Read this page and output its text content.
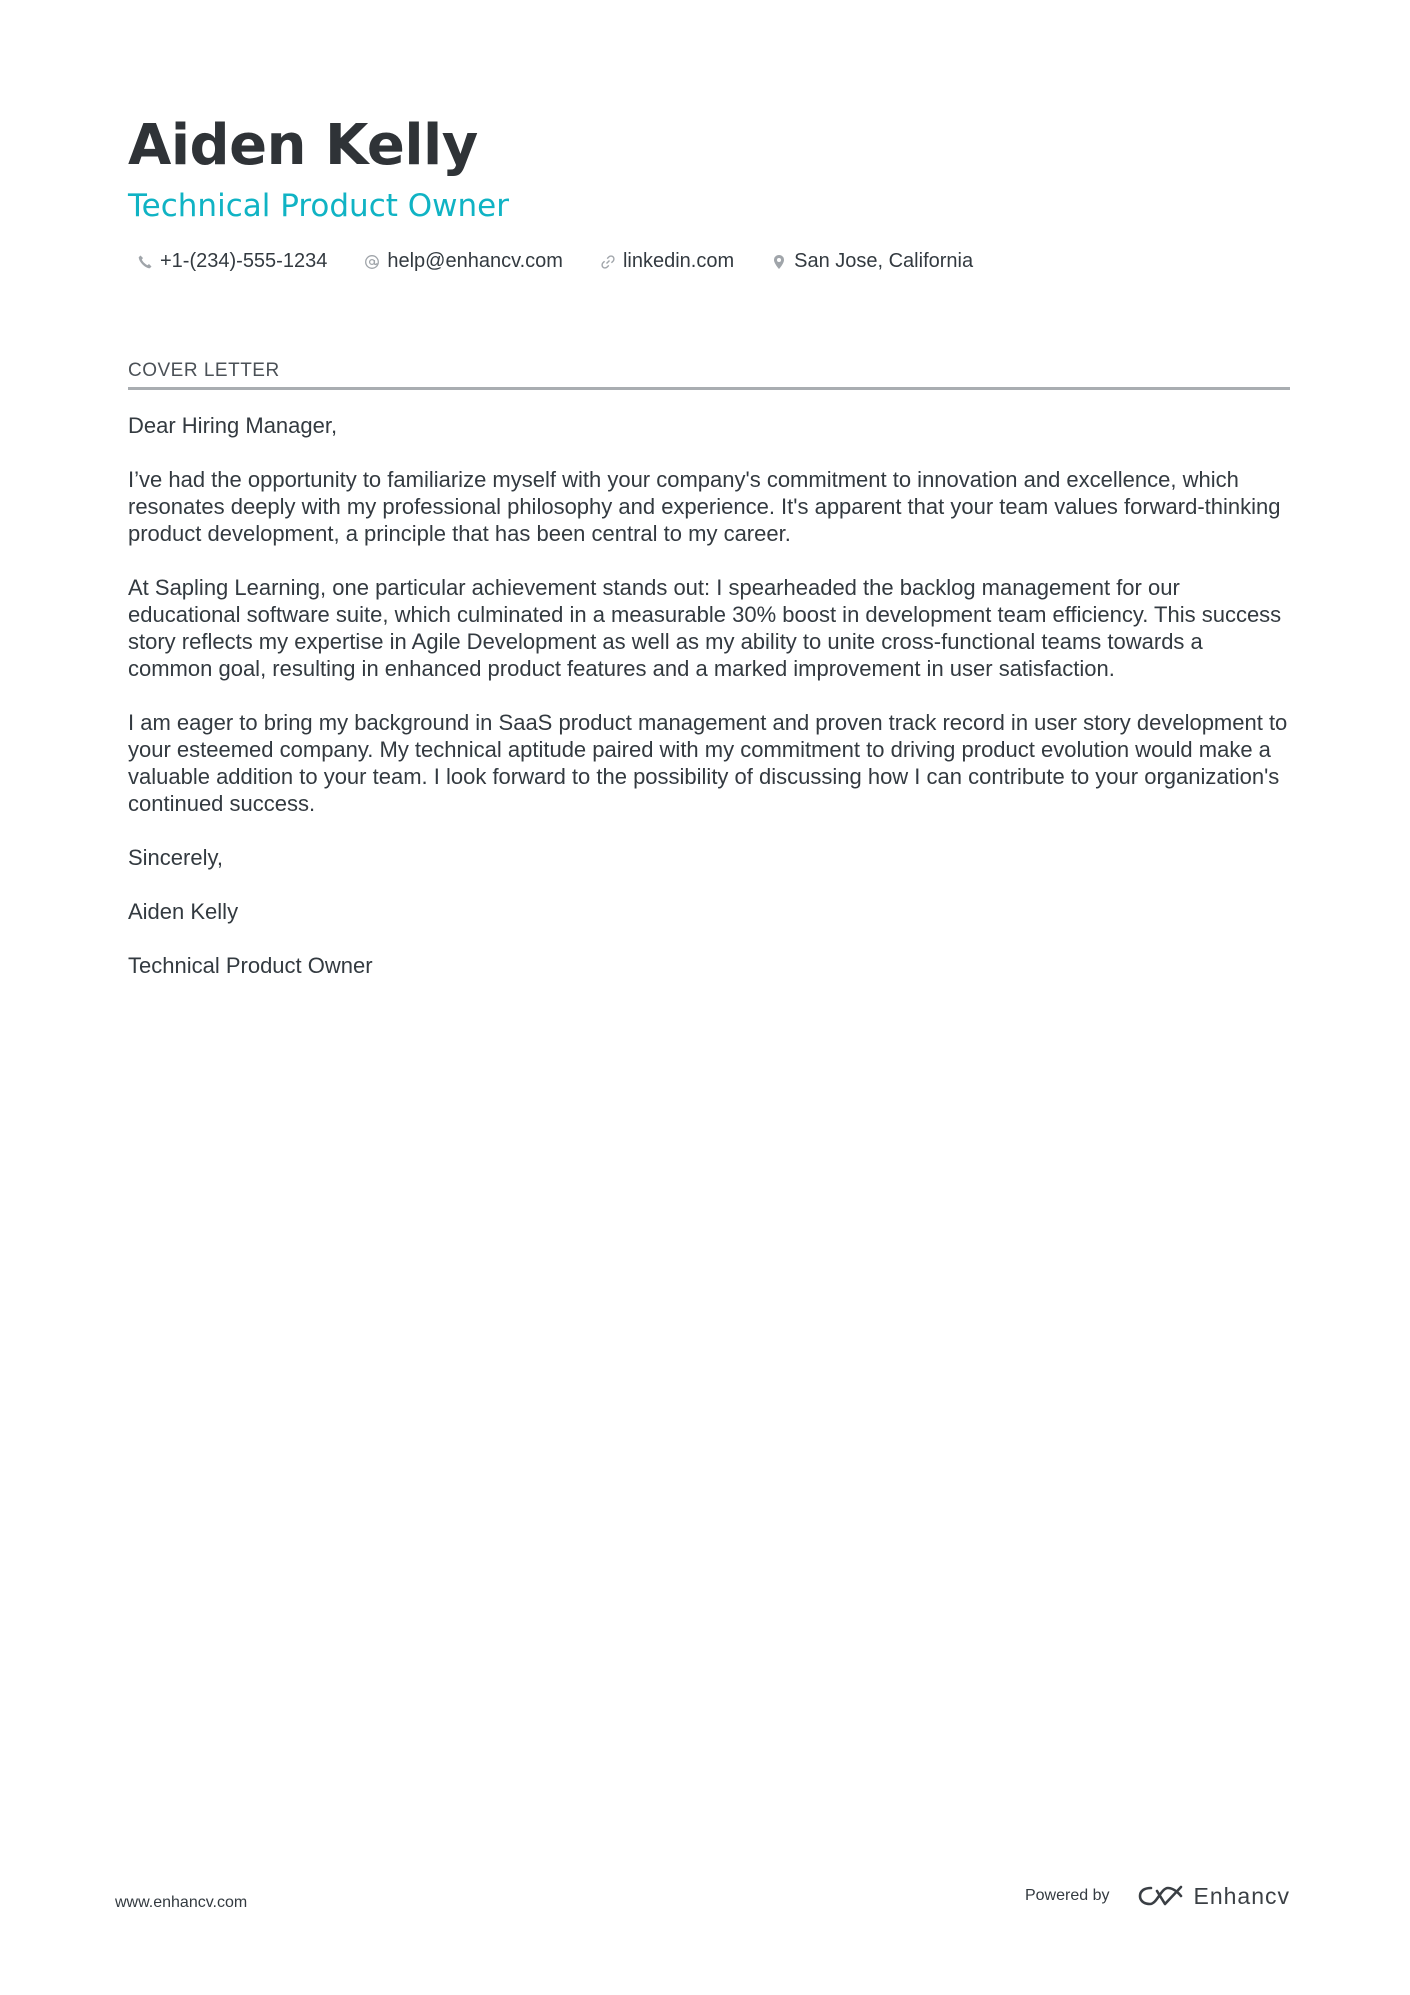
Aiden Kelly
Technical Product Owner
+1-(234)-555-1234	help@enhancv.com	linkedin.com	San Jose, California
COVER LETTER

Dear Hiring Manager,

I’ve had the opportunity to familiarize myself with your company's commitment to innovation and excellence, which resonates deeply with my professional philosophy and experience. It's apparent that your team values forward-thinking product development, a principle that has been central to my career.

At Sapling Learning, one particular achievement stands out: I spearheaded the backlog management for our educational software suite, which culminated in a measurable 30% boost in development team efficiency. This success story reflects my expertise in Agile Development as well as my ability to unite cross-functional teams towards a common goal, resulting in enhanced product features and a marked improvement in user satisfaction.

I am eager to bring my background in SaaS product management and proven track record in user story development to your esteemed company. My technical aptitude paired with my commitment to driving product evolution would make a valuable addition to your team. I look forward to the possibility of discussing how I can contribute to your organization's continued success.

Sincerely,

Aiden Kelly

Technical Product Owner

www.enhancv.com	Powered by	Enhancv
